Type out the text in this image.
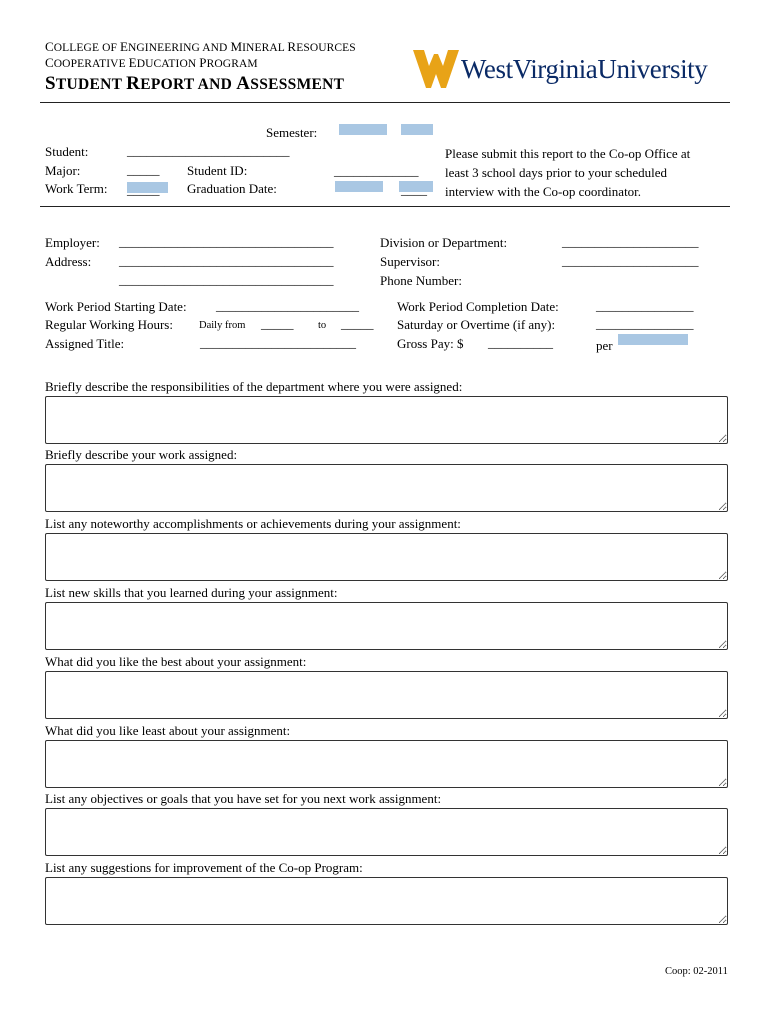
COLLEGE OF ENGINEERING AND MINERAL RESOURCES
COOPERATIVE EDUCATION PROGRAM
STUDENT REPORT AND ASSESSMENT
WestVirginiaUniversity
Semester:
Student:	_________________________
Major:	_____
Work Term: _____
Student ID:	_____________
Graduation Date:	____
Please submit this report to the Co-op Office at least 3 school days prior to your scheduled interview with the Co-op coordinator.
Employer: _________________________________
Address: _________________________________
_________________________________
Division or Department:	_____________________
Supervisor:	_____________________
Phone Number:
Work Period Starting Date: ______________________
Regular Working Hours: Daily from _____ to _____
Assigned Title:	________________________
Work Period Completion Date:	_______________
Saturday or Overtime (if any):	_______________
Gross Pay: $ __________	per
Briefly describe the responsibilities of the department where you were assigned:
Briefly describe your work assigned:
List any noteworthy accomplishments or achievements during your assignment:
List new skills that you learned during your assignment:
What did you like the best about your assignment:
What did you like least about your assignment:
List any objectives or goals that you have set for you next work assignment:
List any suggestions for improvement of the Co-op Program:
Coop: 02-2011
